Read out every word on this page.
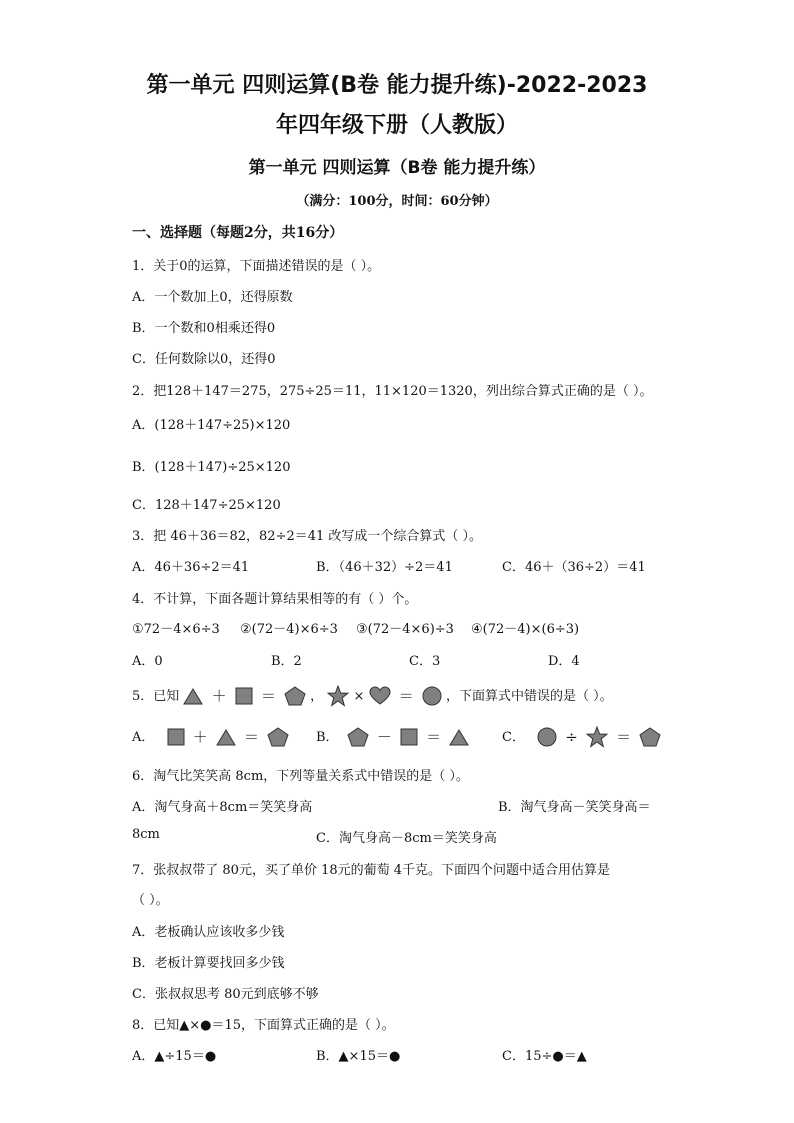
第一单元 四则运算(B卷 能力提升练)-2022-2023
年四年级下册（人教版）
第一单元 四则运算（B卷 能力提升练）
（满分：100分，时间：60分钟）
一、选择题（每题2分，共16分）
1．关于0的运算，下面描述错误的是（ ）。
A．一个数加上0，还得原数
B．一个数和0相乘还得0
C．任何数除以0，还得0
2．把128＋147＝275，275÷25＝11，11×120＝1320，列出综合算式正确的是（ ）。
A．(128＋147÷25)×120
B．(128＋147)÷25×120
C．128＋147÷25×120
3．把 46＋36＝82，82÷2＝41 改写成一个综合算式（ ）。
A．46＋36÷2＝41	B．（46＋32）÷2＝41	C．46＋（36÷2）＝41
4．不计算，下面各题计算结果相等的有（ ）个。
①72－4×6÷3 ②(72－4)×6÷3 ③(72－4×6)÷3 ④(72－4)×(6÷3)
A．0	B．2	C．3	D．4
5．已知 ＋ ＝	， × ＝ ，下面算式中错误的是（ ）。
A．	＋ ＝	B．	－ ＝	C．	÷	＝
6．淘气比笑笑高 8cm，下列等量关系式中错误的是（ ）。
A．淘气身高＋8cm＝笑笑身高	B．淘气身高－笑笑身高＝
8cm	C．淘气身高－8cm＝笑笑身高
7．张叔叔带了 80元，买了单价 18元的葡萄 4千克。下面四个问题中适合用估算是
（ ）。
A．老板确认应该收多少钱
B．老板计算要找回多少钱
C．张叔叔思考 80元到底够不够
8．已知▲×●＝15，下面算式正确的是（ ）。
A．▲÷15＝●	B．▲×15＝●	C．15÷●＝▲
